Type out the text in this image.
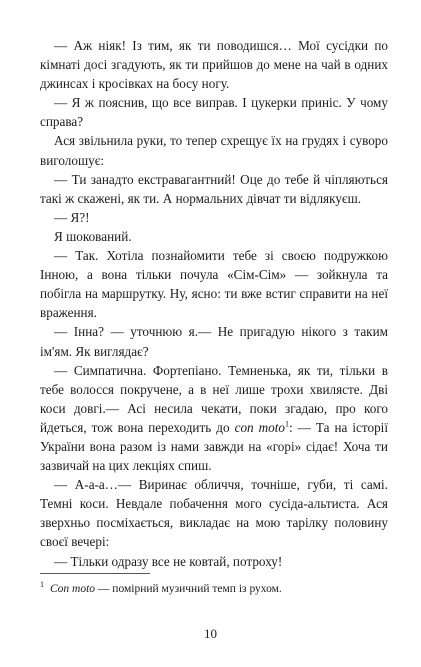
— Аж ніяк! Із тим, як ти поводишся… Мої сусідки по кімнаті досі згадують, як ти прийшов до мене на чай в одних джинсах і кросівках на босу ногу.

— Я ж пояснив, що все виправ. І цукерки приніс. У чому справа?

Ася звільнила руки, то тепер схрещує їх на грудях і суворо виголошує:

— Ти занадто екстравагантний! Оце до тебе й чіпляються такі ж скажені, як ти. А нормальних дівчат ти відлякуєш.

— Я?!

Я шокований.

— Так. Хотіла познайомити тебе зі своєю подружкою Інною, а вона тільки почула «Сім-Сім» — зойкнула та побігла на маршрутку. Ну, ясно: ти вже встиг справити на неї враження.

— Інна? — уточнюю я.— Не пригадую нікого з таким ім'ям. Як виглядає?

— Симпатична. Фортепіано. Темненька, як ти, тільки в тебе волосся покручене, а в неї лише трохи хвилясте. Дві коси довгі.— Асі несила чекати, поки згадаю, про кого йдеться, тож вона переходить до con moto$^1$: — Та на історії України вона разом із нами завжди на «горі» сідає! Хоча ти зазвичай на цих лекціях спиш.

— А-а-а…— Виринає обличчя, точніше, губи, ті самі. Темні коси. Невдале побачення мого сусіда-альтиста. Ася зверхньо посміхається, викладає на мою тарілку половину своєї вечері:

— Тільки одразу все не ковтай, потроху!

$^1$ Con moto — помірний музичний темп із рухом.
10
